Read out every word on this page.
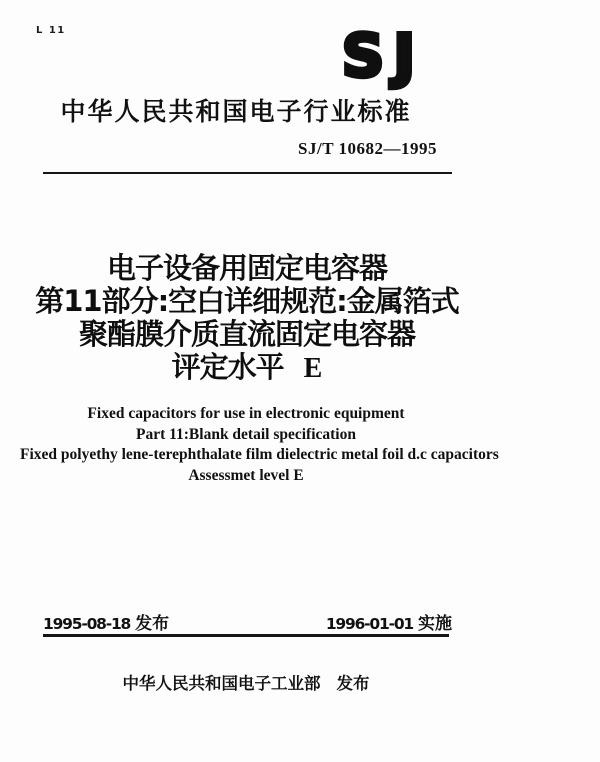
L 11	SJ
中华人民共和国电子行业标准
SJ/T 10682—1995
电子设备用固定电容器
第11部分:空白详细规范:金属箔式
聚酯膜介质直流固定电容器
评定水平 E
Fixed capacitors for use in electronic equipment
Part 11:Blank detail specification
Fixed polyethy lene-terephthalate film dielectric metal foil d.c capacitors
Assessmet level E
1995-08-18 发布	1996-01-01 实施
中华人民共和国电子工业部 发布
